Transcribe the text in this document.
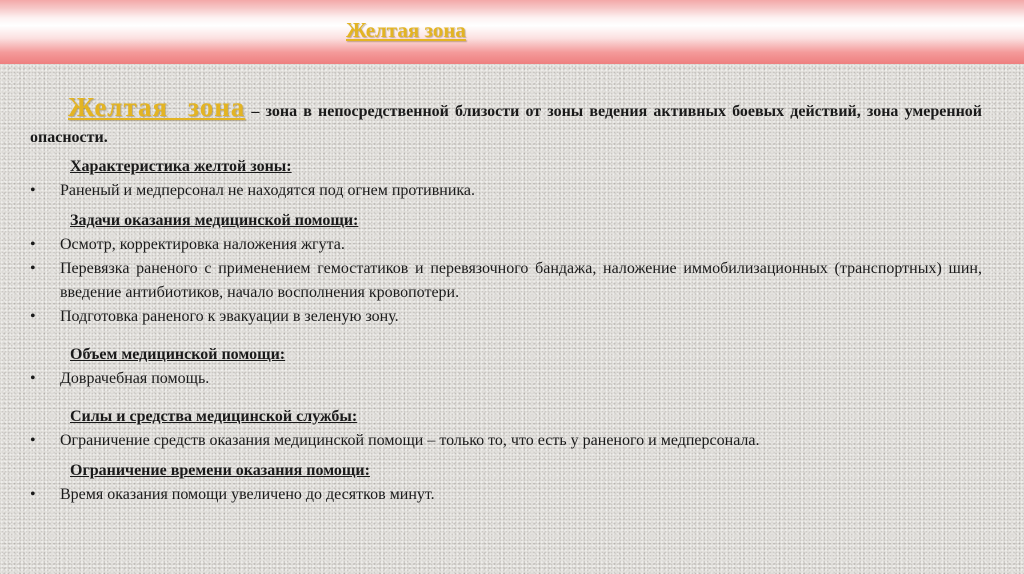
Желтая зона

Желтая зона – зона в непосредственной близости от зоны ведения активных боевых действий, зона умеренной опасности.

Характеристика желтой зоны:
•	Раненый и медперсонал не находятся под огнем противника.
Задачи оказания медицинской помощи:
•	Осмотр, корректировка наложения жгута.
•	Перевязка раненого с применением гемостатиков и перевязочного бандажа, наложение иммобилизационных (транспортных) шин, введение антибиотиков, начало восполнения кровопотери.
•	Подготовка раненого к эвакуации в зеленую зону.
Объем медицинской помощи:
•	Доврачебная помощь.
Силы и средства медицинской службы:
•	Ограничение средств оказания медицинской помощи – только то, что есть у раненого и медперсонала.
Ограничение времени оказания помощи:
•	Время оказания помощи увеличено до десятков минут.
